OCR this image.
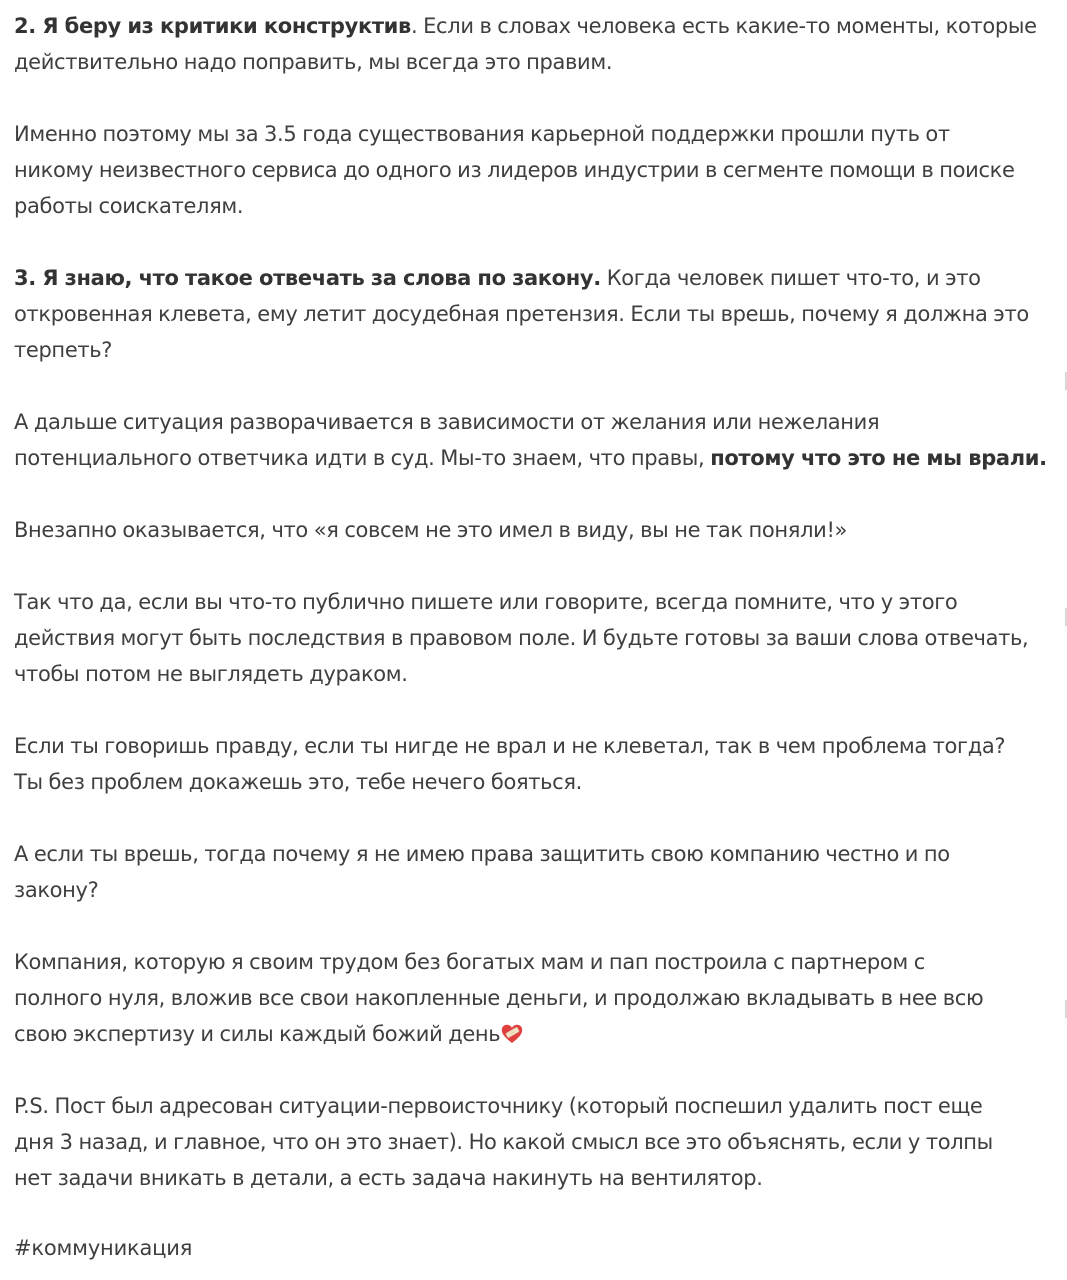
2. Я беру из критики конструктив. Если в словах человека есть какие-то моменты, которые
действительно надо поправить, мы всегда это правим.
Именно поэтому мы за 3.5 года существования карьерной поддержки прошли путь от
никому неизвестного сервиса до одного из лидеров индустрии в сегменте помощи в поиске
работы соискателям.
3. Я знаю, что такое отвечать за слова по закону. Когда человек пишет что-то, и это
откровенная клевета, ему летит досудебная претензия. Если ты врешь, почему я должна это
терпеть?
А дальше ситуация разворачивается в зависимости от желания или нежелания
потенциального ответчика идти в суд. Мы-то знаем, что правы, потому что это не мы врали.
Внезапно оказывается, что «я совсем не это имел в виду, вы не так поняли!»
Так что да, если вы что-то публично пишете или говорите, всегда помните, что у этого
действия могут быть последствия в правовом поле. И будьте готовы за ваши слова отвечать,
чтобы потом не выглядеть дураком.
Если ты говоришь правду, если ты нигде не врал и не клеветал, так в чем проблема тогда?
Ты без проблем докажешь это, тебе нечего бояться.
А если ты врешь, тогда почему я не имею права защитить свою компанию честно и по
закону?
Компания, которую я своим трудом без богатых мам и пап построила с партнером с
полного нуля, вложив все свои накопленные деньги, и продолжаю вкладывать в нее всю
свою экспертизу и силы каждый божий день
P.S. Пост был адресован ситуации-первоисточнику (который поспешил удалить пост еще
дня 3 назад, и главное, что он это знает). Но какой смысл все это объяснять, если у толпы
нет задачи вникать в детали, а есть задача накинуть на вентилятор.
#коммуникация
